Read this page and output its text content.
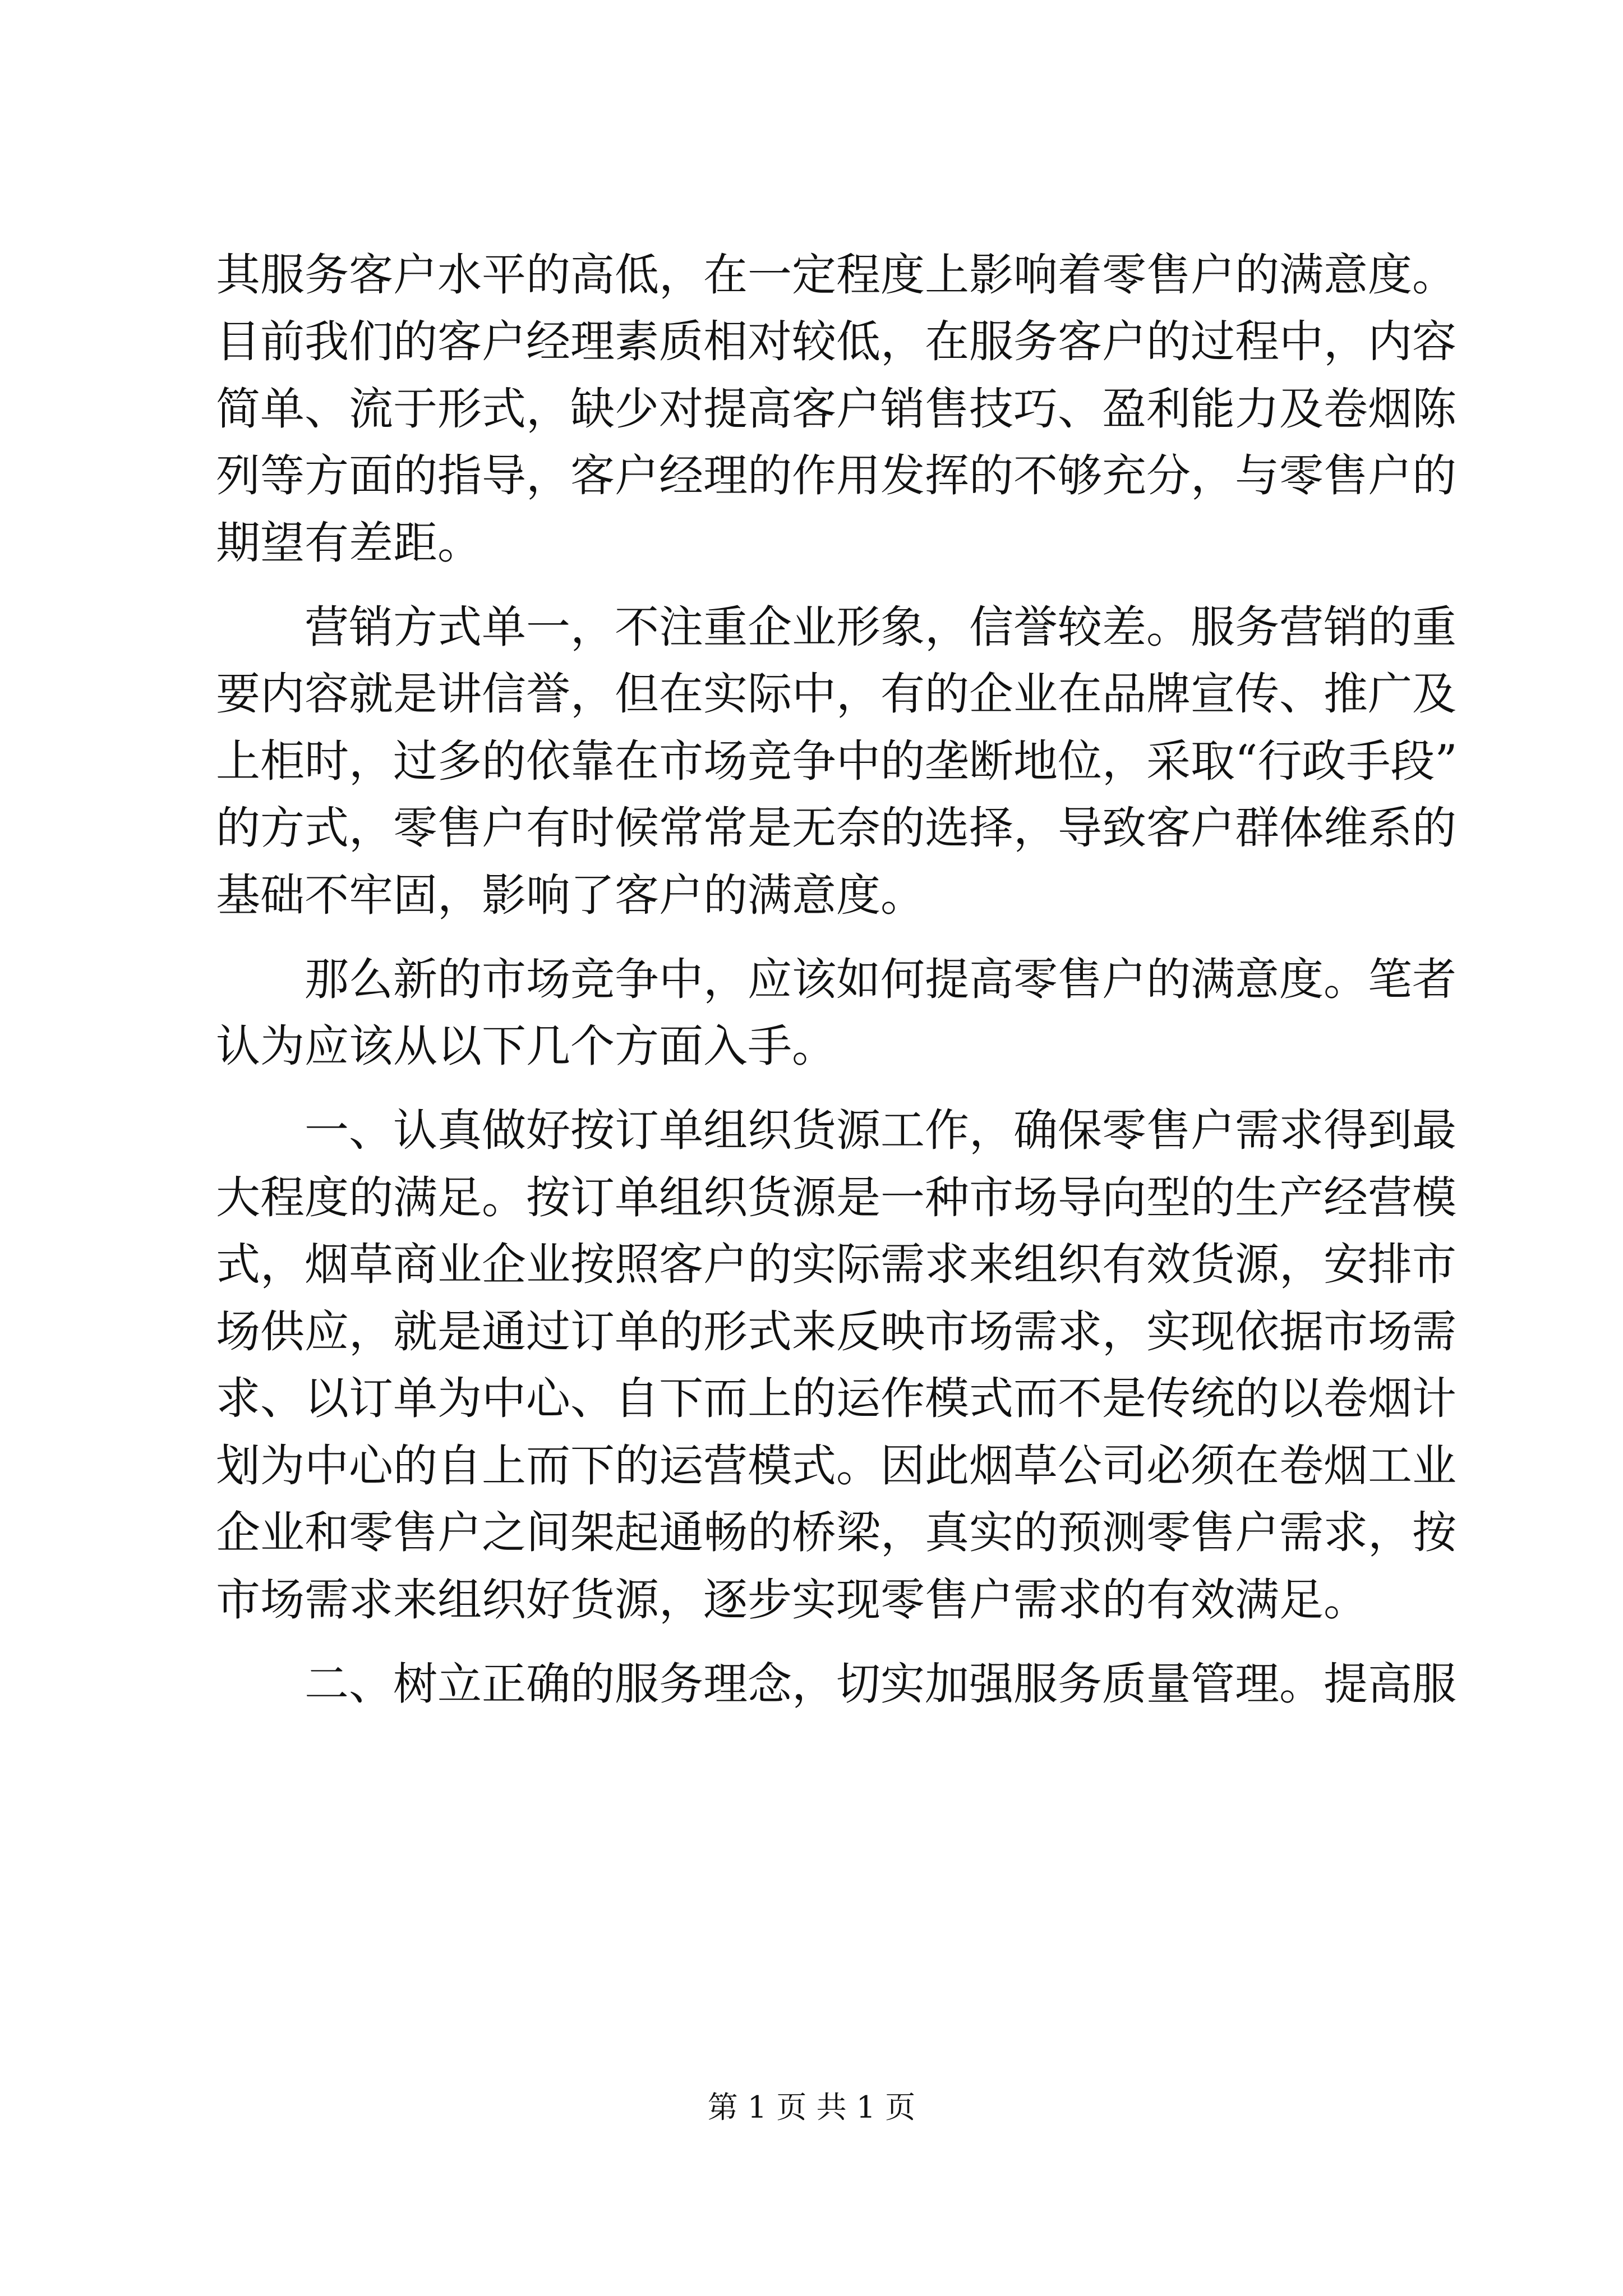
其服务客户水平的高低，在一定程度上影响着零售户的满意度。
目前我们的客户经理素质相对较低，在服务客户的过程中，内容
简单、流于形式，缺少对提高客户销售技巧、盈利能力及卷烟陈
列等方面的指导，客户经理的作用发挥的不够充分，与零售户的
期望有差距。
营销方式单一，不注重企业形象，信誉较差。服务营销的重
要内容就是讲信誉，但在实际中，有的企业在品牌宣传、推广及
上柜时，过多的依靠在市场竞争中的垄断地位，采取“行政手段”
的方式，零售户有时候常常是无奈的选择，导致客户群体维系的
基础不牢固，影响了客户的满意度。
那么新的市场竞争中，应该如何提高零售户的满意度。笔者
认为应该从以下几个方面入手。
一、认真做好按订单组织货源工作，确保零售户需求得到最
大程度的满足。按订单组织货源是一种市场导向型的生产经营模
式，烟草商业企业按照客户的实际需求来组织有效货源，安排市
场供应，就是通过订单的形式来反映市场需求，实现依据市场需
求、以订单为中心、自下而上的运作模式而不是传统的以卷烟计
划为中心的自上而下的运营模式。因此烟草公司必须在卷烟工业
企业和零售户之间架起通畅的桥梁，真实的预测零售户需求，按
市场需求来组织好货源，逐步实现零售户需求的有效满足。
二、树立正确的服务理念，切实加强服务质量管理。提高服
第 1 页 共 1 页
